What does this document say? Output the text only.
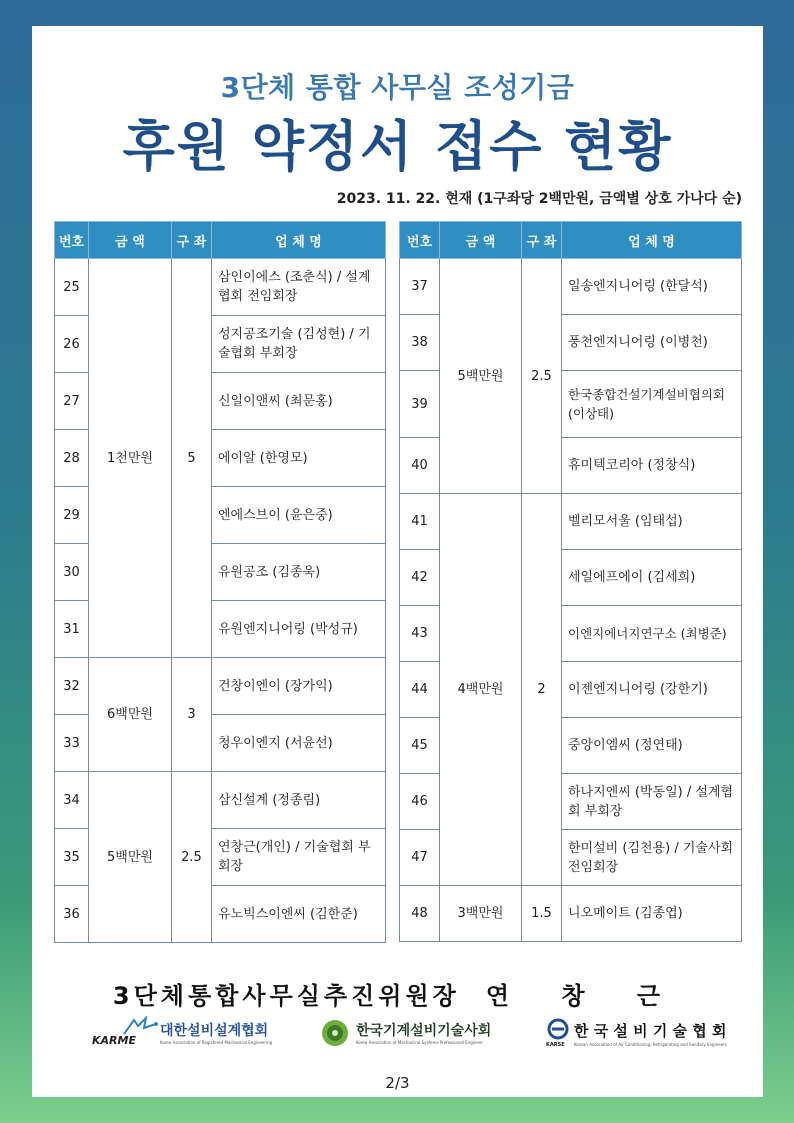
3단체 통합 사무실 조성기금
후원 약정서 접수 현황
2023. 11. 22. 현재 (1구좌당 2백만원, 금액별 상호 가나다 순)
번호	금 액	구 좌	업 체 명
25	1천만원	5	삼인이에스 (조춘식) / 설계협회 전임회장
26			성지공조기술 (김성현) / 기술협회 부회장
27			신일이앤씨 (최문홍)
28			에이알 (한영모)
29			엔에스브이 (윤은중)
30			유원공조 (김종욱)
31			유원엔지니어링 (박성규)
32	6백만원	3	건창이엔이 (장가익)
33			청우이엔지 (서윤선)
34	5백만원	2.5	삼신설계 (정종림)
35			연창근(개인) / 기술협회 부회장
36			유노빅스이엔씨 (김한준)
번호	금 액	구 좌	업 체 명
37	5백만원	2.5	일송엔지니어링 (한달석)
38			풍천엔지니어링 (이병천)
39			한국종합건설기계설비협의회 (이상태)
40			휴미텍코리아 (정창식)
41	4백만원	2	벨리모서울 (임태섭)
42			세일에프에이 (김세희)
43			이엔지에너지연구소 (최병준)
44			이젠엔지니어링 (강한기)
45			중앙이엠씨 (정연태)
46			하나지엔씨 (박동일) / 설계협회 부회장
47			한미설비 (김천용) / 기술사회 전임회장
48	3백만원	1.5	니오메이트 (김종엽)
3단체통합사무실추진위원장 연 창 근
KARME
대한설비설계협회
Korea Association of Registered Mechanical Engineering
한국기계설비기술사회
Korea Association of Mechanical Systems Professional Engineer	KARSE
한 국 설 비 기 술 협 회
Korean Association of Air Conditioning, Refrigerating and Sanitary Engineers
2/3
